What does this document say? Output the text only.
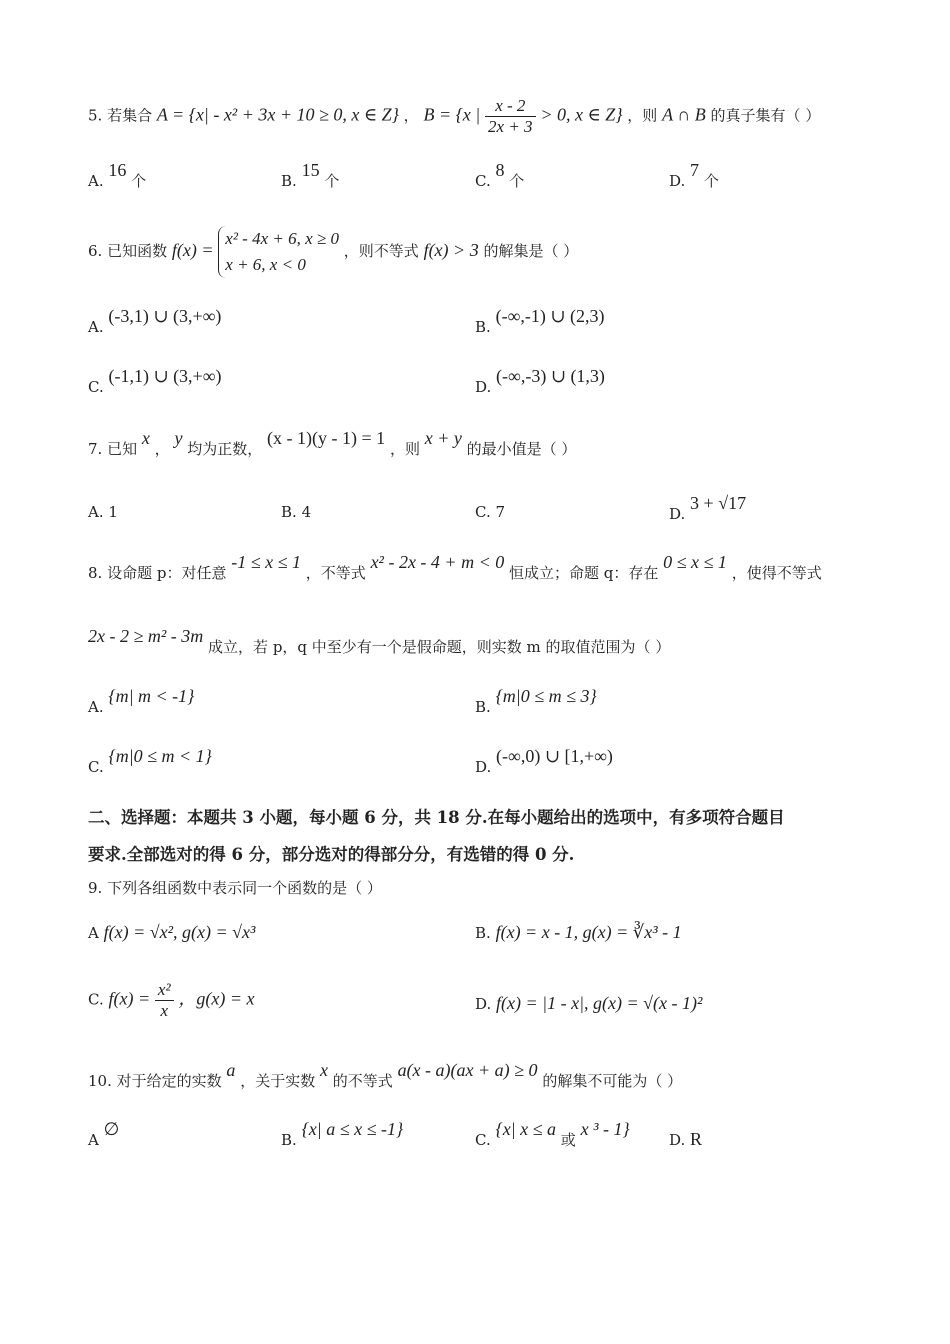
5. 若集合 A = {x| - x² + 3x + 10 ≥ 0, x ∈ Z} ， B = {x | $\frac{x - 2}{2x + 3} > 0$, x ∈ Z} ，则 A ∩ B 的真子集有（ ）
A. 16 个	B. 15 个	C. 8 个	D. 7 个
6. 已知函数 f(x) =
x² - 4x + 6, x ≥ 0
x + 6, x < 0
，则不等式 f(x) > 3 的解集是（ ）
A. (-3,1) ∪ (3,+∞)
B. (-∞,-1) ∪ (2,3)
C. (-1,1) ∪ (3,+∞)
D. (-∞,-3) ∪ (1,3)
7. 已知 x ， y 均为正数， (x - 1)(y - 1) = 1 ，则 x + y 的最小值是（ ）
A. 1	B. 4	C. 7	D. 3 + √17
8. 设命题 p：对任意 -1 ≤ x ≤ 1 ，不等式 x² - 2x - 4 + m < 0 恒成立；命题 q：存在 0 ≤ x ≤ 1 ，使得不等式
2x - 2 ≥ m² - 3m 成立，若 p，q 中至少有一个是假命题，则实数 m 的取值范围为（ ）
A. {m| m < -1}
B. {m|0 ≤ m ≤ 3}
C. {m|0 ≤ m < 1}
D. (-∞,0) ∪ [1,+∞)
二、选择题：本题共 3 小题，每小题 6 分，共 18 分.在每小题给出的选项中，有多项符合题目
要求.全部选对的得 6 分，部分选对的得部分分，有选错的得 0 分.
9. 下列各组函数中表示同一个函数的是（ ）
A f(x) = √x², g(x) = √x³	B. f(x) = x - 1, g(x) = ∛x³ - 1
C. $f(x) = \frac{\text{x²}}{x}$ ，g(x) = x	D. f(x) = |1 - x|, g(x) = √(x - 1)²
10. 对于给定的实数 a ，关于实数 x 的不等式 a(x - a)(ax + a) ≥ 0 的解集不可能为（ ）
A ∅
B. {x| a ≤ x ≤ -1}
C. {x| x ≤ a 或 x ³ - 1}
D. R
